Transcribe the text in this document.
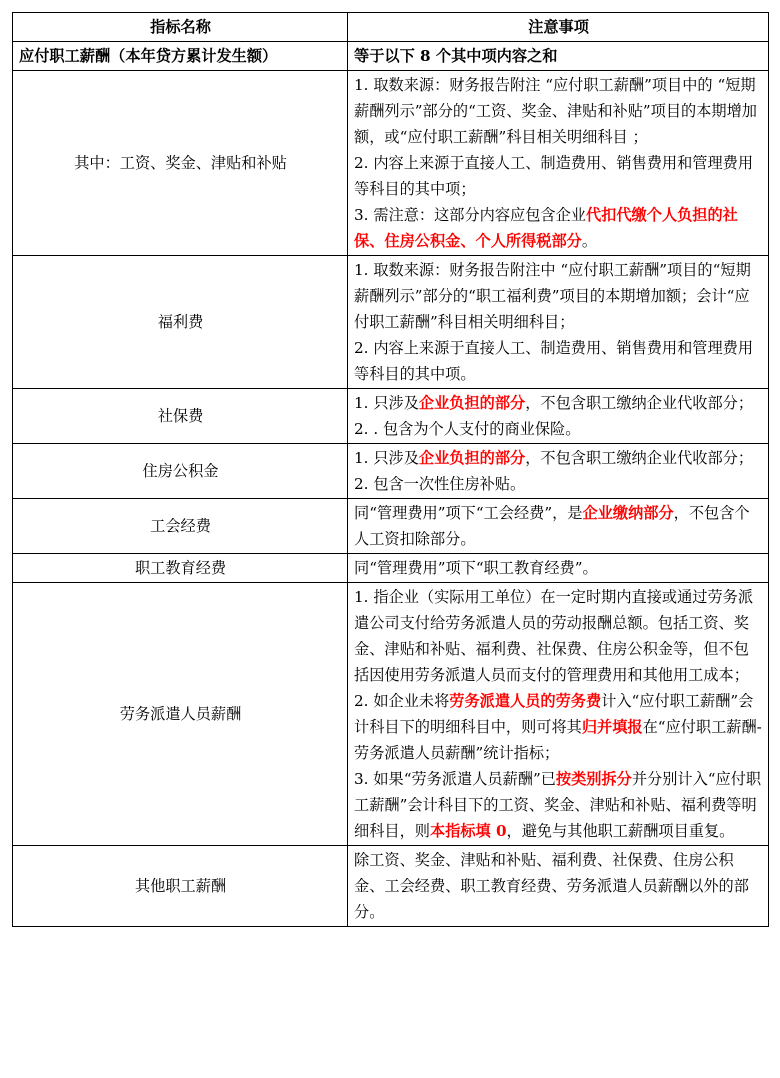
指标名称	注意事项
应付职工薪酬（本年贷方累计发生额）	等于以下 8 个其中项内容之和
其中：工资、奖金、津贴和补贴	1. 取数来源：财务报告附注 “应付职工薪酬”项目中的 “短期薪酬列示”部分的“工资、奖金、津贴和补贴”项目的本期增加额，或“应付职工薪酬”科目相关明细科目 ；

2. 内容上来源于直接人工、制造费用、销售费用和管理费用等科目的其中项；

3. 需注意：这部分内容应包含企业代扣代缴个人负担的社保、住房公积金、个人所得税部分。

福利费	1. 取数来源：财务报告附注中 “应付职工薪酬”项目的“短期薪酬列示”部分的“职工福利费”项目的本期增加额；会计“应付职工薪酬”科目相关明细科目；

2. 内容上来源于直接人工、制造费用、销售费用和管理费用等科目的其中项。

社保费	1. 只涉及企业负担的部分，不包含职工缴纳企业代收部分；

2. . 包含为个人支付的商业保险。

住房公积金	1. 只涉及企业负担的部分，不包含职工缴纳企业代收部分；

2. 包含一次性住房补贴。

工会经费	同“管理费用”项下“工会经费”，是企业缴纳部分，不包含个人工资扣除部分。

职工教育经费	同“管理费用”项下“职工教育经费”。

劳务派遣人员薪酬	1. 指企业（实际用工单位）在一定时期内直接或通过劳务派遣公司支付给劳务派遣人员的劳动报酬总额。包括工资、奖金、津贴和补贴、福利费、社保费、住房公积金等，但不包括因使用劳务派遣人员而支付的管理费用和其他用工成本；

2. 如企业未将劳务派遣人员的劳务费计入“应付职工薪酬”会计科目下的明细科目中，则可将其归并填报在“应付职工薪酬-劳务派遣人员薪酬”统计指标；

3. 如果“劳务派遣人员薪酬”已按类别拆分并分别计入“应付职工薪酬”会计科目下的工资、奖金、津贴和补贴、福利费等明细科目，则本指标填 0，避免与其他职工薪酬项目重复。

其他职工薪酬	除工资、奖金、津贴和补贴、福利费、社保费、住房公积金、工会经费、职工教育经费、劳务派遣人员薪酬以外的部分。
